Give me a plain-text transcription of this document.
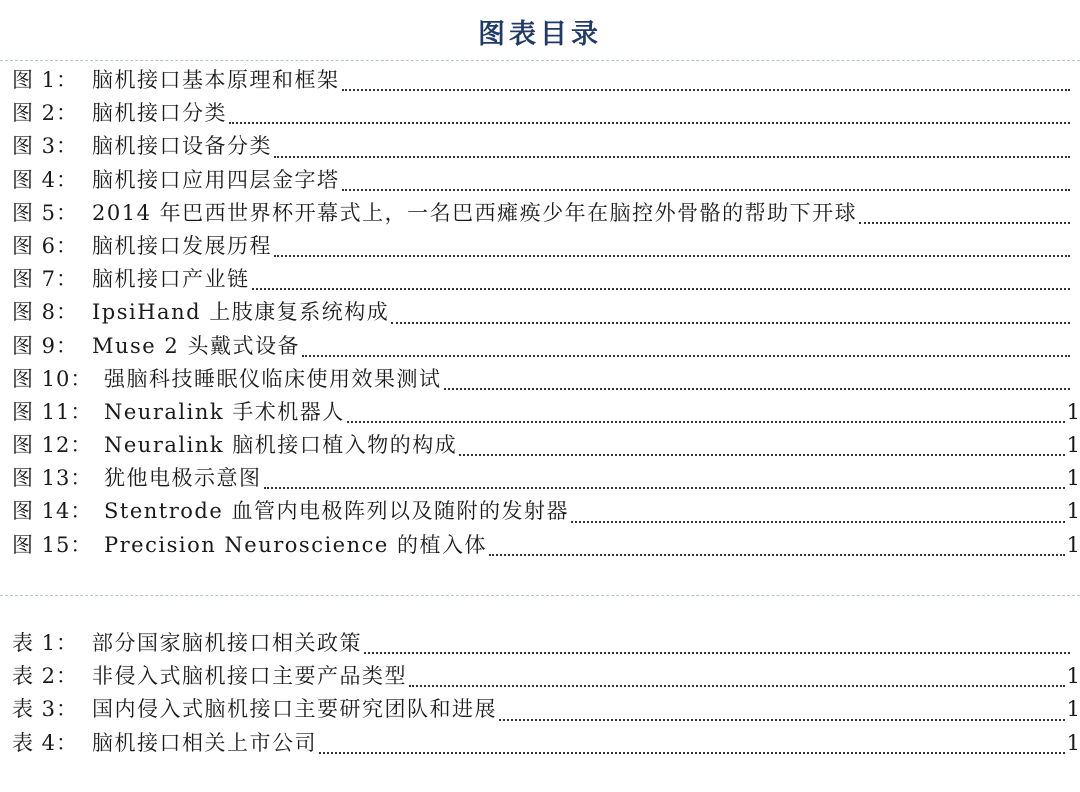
图表目录
图 1： 脑机接口基本原理和框架
图 2： 脑机接口分类
图 3： 脑机接口设备分类
图 4： 脑机接口应用四层金字塔
图 5： 2014 年巴西世界杯开幕式上，一名巴西瘫痪少年在脑控外骨骼的帮助下开球
图 6： 脑机接口发展历程
图 7： 脑机接口产业链
图 8： IpsiHand 上肢康复系统构成
图 9： Muse 2 头戴式设备
图 10： 强脑科技睡眠仪临床使用效果测试
图 11： Neuralink 手术机器人	1
图 12： Neuralink 脑机接口植入物的构成	1
图 13： 犹他电极示意图	1
图 14： Stentrode 血管内电极阵列以及随附的发射器	1
图 15： Precision Neuroscience 的植入体	1
表 1： 部分国家脑机接口相关政策
表 2： 非侵入式脑机接口主要产品类型	1
表 3： 国内侵入式脑机接口主要研究团队和进展	1
表 4： 脑机接口相关上市公司	1
